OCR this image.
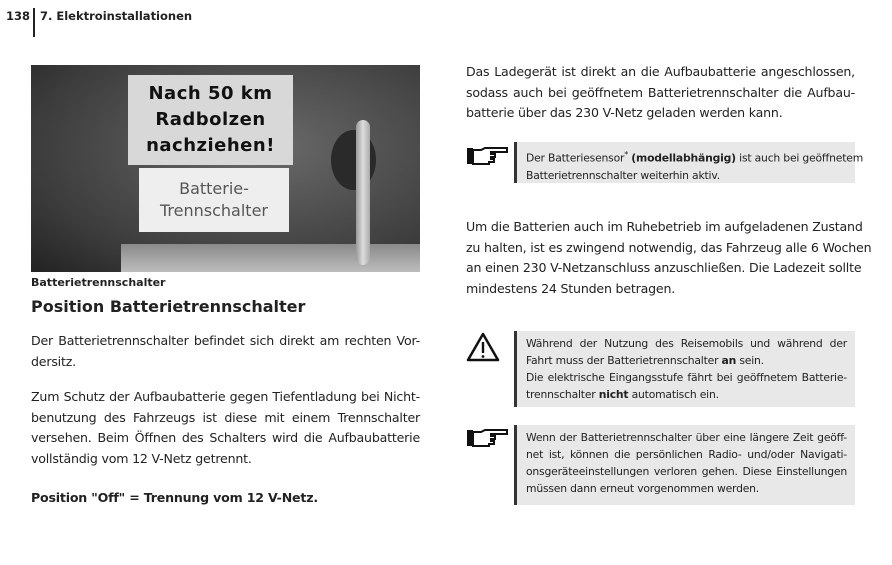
138 7. Elektroinstallationen
Nach 50 km
Radbolzen
nachziehen!
Batterie-
Trennschalter
Batterietrennschalter
Position Batterietrennschalter
Der Batterietrennschalter befindet sich direkt am rechten Vor-
dersitz.
Zum Schutz der Aufbaubatterie gegen Tiefentladung bei Nicht-
benutzung des Fahrzeugs ist diese mit einem Trennschalter
versehen. Beim Öffnen des Schalters wird die Aufbaubatterie
vollständig vom 12 V-Netz getrennt.
Position "Off" = Trennung vom 12 V-Netz.
Das Ladegerät ist direkt an die Aufbaubatterie angeschlossen,
sodass auch bei geöffnetem Batterietrennschalter die Aufbau-
batterie über das 230 V-Netz geladen werden kann.
Der Batteriesensor* (modellabhängig) ist auch bei geöffnetem
Batterietrennschalter weiterhin aktiv.
Um die Batterien auch im Ruhebetrieb im aufgeladenen Zustand
zu halten, ist es zwingend notwendig, das Fahrzeug alle 6 Wochen
an einen 230 V-Netzanschluss anzuschließen. Die Ladezeit sollte
mindestens 24 Stunden betragen.
Während der Nutzung des Reisemobils und während der
Fahrt muss der Batterietrennschalter an sein.
Die elektrische Eingangsstufe fährt bei geöffnetem Batterie-
trennschalter nicht automatisch ein.
Wenn der Batterietrennschalter über eine längere Zeit geöff-
net ist, können die persönlichen Radio- und/oder Navigati-
onsgeräteeinstellungen verloren gehen. Diese Einstellungen
müssen dann erneut vorgenommen werden.
